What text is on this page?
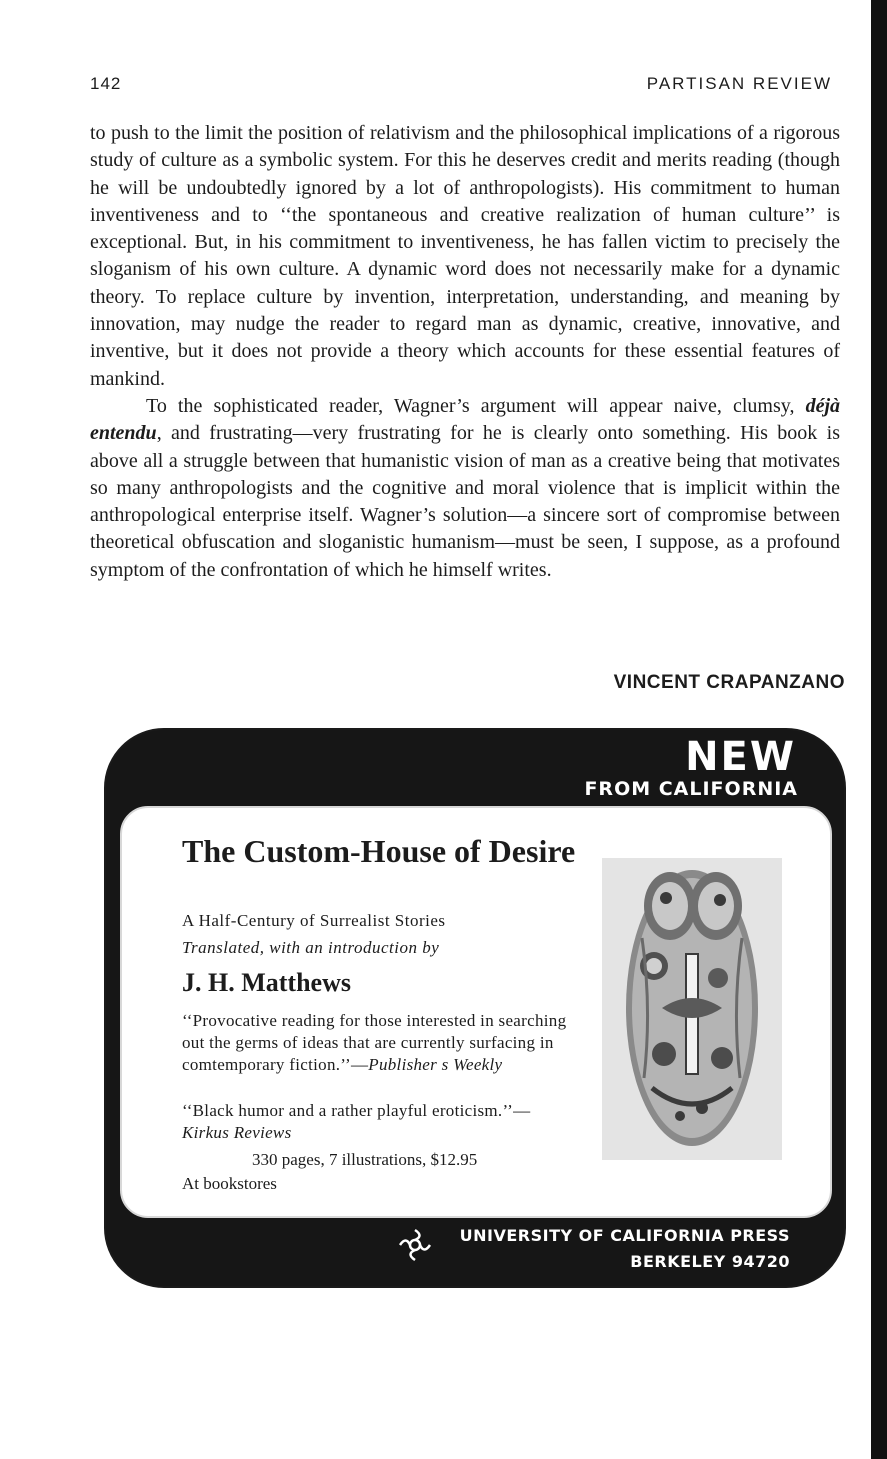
142	PARTISAN REVIEW

to push to the limit the position of relativism and the philosophical implications of a rigorous study of culture as a symbolic system. For this he deserves credit and merits reading (though he will be undoubtedly ignored by a lot of anthropologists). His commitment to human inventiveness and to ‘‘the spontaneous and creative realization of human culture’’ is exceptional. But, in his commitment to inventiveness, he has fallen victim to precisely the sloganism of his own culture. A dynamic word does not necessarily make for a dynamic theory. To replace culture by invention, interpretation, understanding, and meaning by innovation, may nudge the reader to regard man as dynamic, creative, innovative, and inventive, but it does not provide a theory which accounts for these essential features of mankind.

To the sophisticated reader, Wagner’s argument will appear naive, clumsy, déjà entendu, and frustrating—very frustrating for he is clearly onto something. His book is above all a struggle between that humanistic vision of man as a creative being that motivates so many anthropologists and the cognitive and moral violence that is implicit within the anthropological enterprise itself. Wagner’s solution—a sincere sort of compromise between theoretical obfuscation and sloganistic humanism—must be seen, I suppose, as a profound symptom of the confrontation of which he himself writes.

VINCENT CRAPANZANO
NEW
FROM CALIFORNIA
The Custom-House of Desire
A Half-Century of Surrealist Stories
Translated, with an introduction by
J. H. Matthews

‘‘Provocative reading for those interested in searching out the germs of ideas that are currently surfacing in comtemporary fiction.’’—Publisher s Weekly

‘‘Black humor and a rather playful eroticism.’’—Kirkus Reviews

330 pages, 7 illustrations, $12.95
At bookstores
UNIVERSITY OF CALIFORNIA PRESS
BERKELEY 94720
